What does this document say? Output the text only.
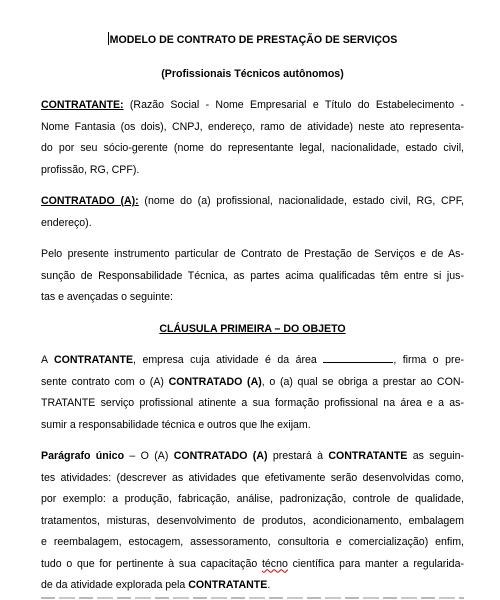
MODELO DE CONTRATO DE PRESTAÇÃO DE SERVIÇOS
(Profissionais Técnicos autônomos)
CONTRATANTE: (Razão Social - Nome Empresarial e Título do Estabelecimento -
Nome Fantasia (os dois), CNPJ, endereço, ramo de atividade) neste ato representa-
do por seu sócio-gerente (nome do representante legal, nacionalidade, estado civil,
profissão, RG, CPF).
CONTRATADO (A): (nome do (a) profissional, nacionalidade, estado civil, RG, CPF,
endereço).
Pelo presente instrumento particular de Contrato de Prestação de Serviços e de As-
sunção de Responsabilidade Técnica, as partes acima qualificadas têm entre si jus-
tas e avençadas o seguinte:
CLÁUSULA PRIMEIRA – DO OBJETO
A CONTRATANTE, empresa cuja atividade é da área	, firma o pre-
sente contrato com o (A) CONTRATADO (A), o (a) qual se obriga a prestar ao CON-
TRATANTE serviço profissional atinente a sua formação profissional na área e a as-
sumir a responsabilidade técnica e outros que lhe exijam.
Parágrafo único – O (A) CONTRATADO (A) prestará à CONTRATANTE as seguin-
tes atividades: (descrever as atividades que efetivamente serão desenvolvidas como,
por exemplo: a produção, fabricação, análise, padronização, controle de qualidade,
tratamentos, misturas, desenvolvimento de produtos, acondicionamento, embalagem
e reembalagem, estocagem, assessoramento, consultoria e comercialização) enfim,
tudo o que for pertinente à sua capacitação técno científica para manter a regularida-
de da atividade explorada pela CONTRATANTE.
